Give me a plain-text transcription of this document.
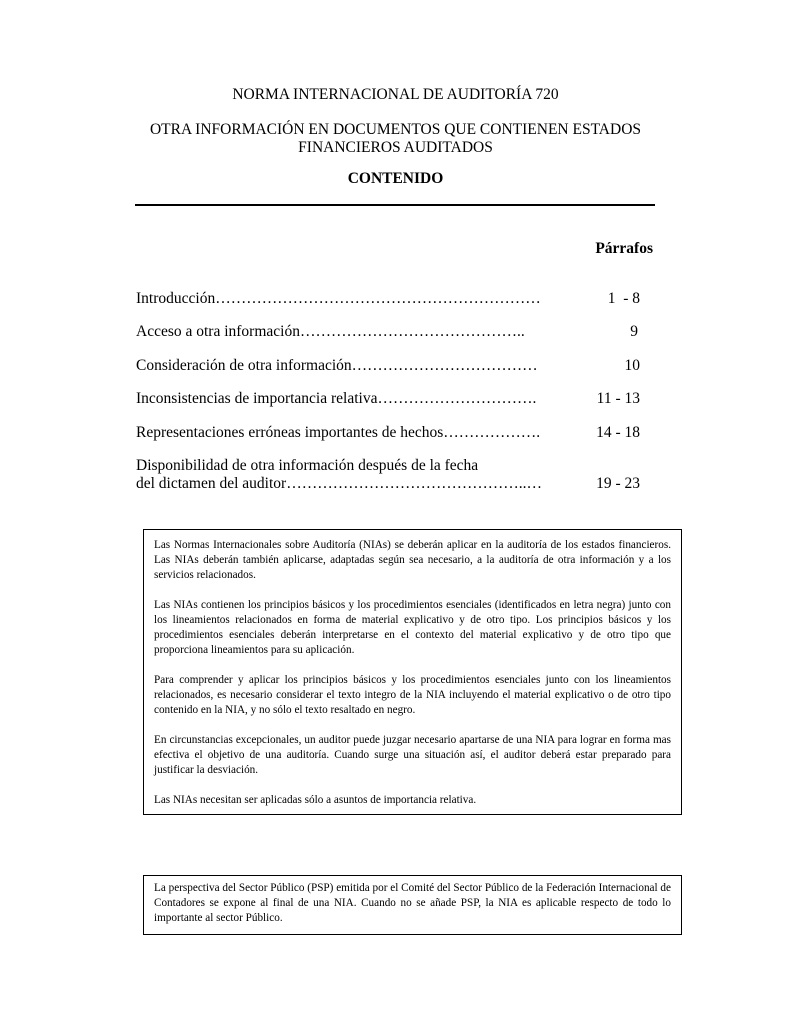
NORMA INTERNACIONAL DE AUDITORÍA 720
OTRA INFORMACIÓN EN DOCUMENTOS QUE CONTIENEN ESTADOS
FINANCIEROS AUDITADOS
CONTENIDO
Párrafos
Introducción………………………………………………………	1  - 8
Acceso a otra información……………………………………..	9
Consideración de otra información………………………………	10
Inconsistencias de importancia relativa………………………….	11 - 13
Representaciones erróneas importantes de hechos……………….	14 - 18
Disponibilidad de otra información después de la fecha
del dictamen del auditor………………………………………..…	19 - 23

Las Normas Internacionales sobre Auditoría (NIAs) se deberán aplicar en la auditoría de los estados financieros. Las NIAs deberán también aplicarse, adaptadas según sea necesario, a la auditoría de otra información y a los servicios relacionados.

Las NIAs contienen los principios básicos y los procedimientos esenciales (identificados en letra negra) junto con los lineamientos relacionados en forma de material explicativo y de otro tipo. Los principios básicos y los procedimientos esenciales deberán interpretarse en el contexto del material explicativo y de otro tipo que proporciona lineamientos para su aplicación.

Para comprender y aplicar los principios básicos y los procedimientos esenciales junto con los lineamientos relacionados, es necesario considerar el texto integro de la NIA incluyendo el material explicativo o de otro tipo contenido en la NIA, y no sólo el texto resaltado en negro.

En circunstancias excepcionales, un auditor puede juzgar necesario apartarse de una NIA para lograr en forma mas efectiva el objetivo de una auditoría. Cuando surge una situación así, el auditor deberá estar preparado para justificar la desviación.

Las NIAs necesitan ser aplicadas sólo a asuntos de importancia relativa.

La perspectiva del Sector Público (PSP) emitida por el Comité del Sector Público de la Federación Internacional de Contadores se expone al final de una NIA. Cuando no se añade PSP, la NIA es aplicable respecto de todo lo importante al sector Público.
